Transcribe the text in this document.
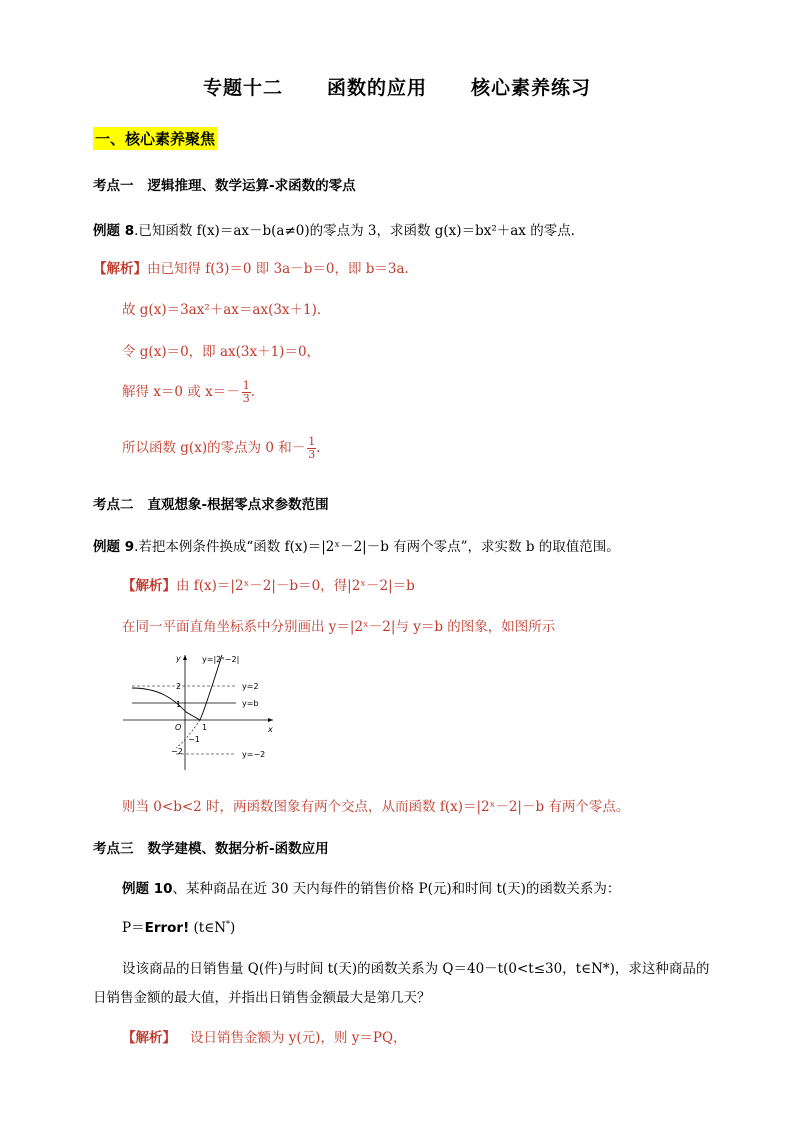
专题十二 函数的应用 核心素养练习
一、核心素养聚焦
考点一 逻辑推理、数学运算-求函数的零点
例题 8.已知函数 f(x)＝ax－b(a≠0)的零点为 3，求函数 g(x)＝bx²＋ax 的零点．
【解析】由已知得 f(3)＝0 即 3a－b＝0，即 b＝3a.
故 g(x)＝3ax²＋ax＝ax(3x＋1)．
令 g(x)＝0，即 ax(3x＋1)＝0，
解得 x＝0 或 $x=- \frac{1}{3}$ .
所以函数 g(x)的零点为 0 和－ $\frac{1}{3}$ .
考点二 直观想象-根据零点求参数范围
例题 9.若把本例条件换成“函数 f(x)＝|2ˣ－2|－b 有两个零点”，求实数 b 的取值范围。
【解析】由 f(x)＝|2ˣ－2|－b＝0，得|2ˣ－2|＝b
在同一平面直角坐标系中分别画出 y＝|2ˣ－2|与 y＝b 的图象，如图所示
y=|2ˣ−2|
y
x
y=2
y=b
y=−2
2
1
O	1
−1
−2
则当 0<b<2 时，两函数图象有两个交点，从而函数 f(x)＝|2ˣ－2|－b 有两个零点。
考点三 数学建模、数据分析-函数应用
例题 10、某种商品在近 30 天内每件的销售价格 P(元)和时间 t(天)的函数关系为：
P＝Error! (t∈N*)
设该商品的日销售量 Q(件)与时间 t(天)的函数关系为 Q＝40－t(0<t≤30，t∈N*)，求这种商品的
日销售金额的最大值，并指出日销售金额最大是第几天？
【解析】 设日销售金额为 y(元)，则 y＝PQ，
